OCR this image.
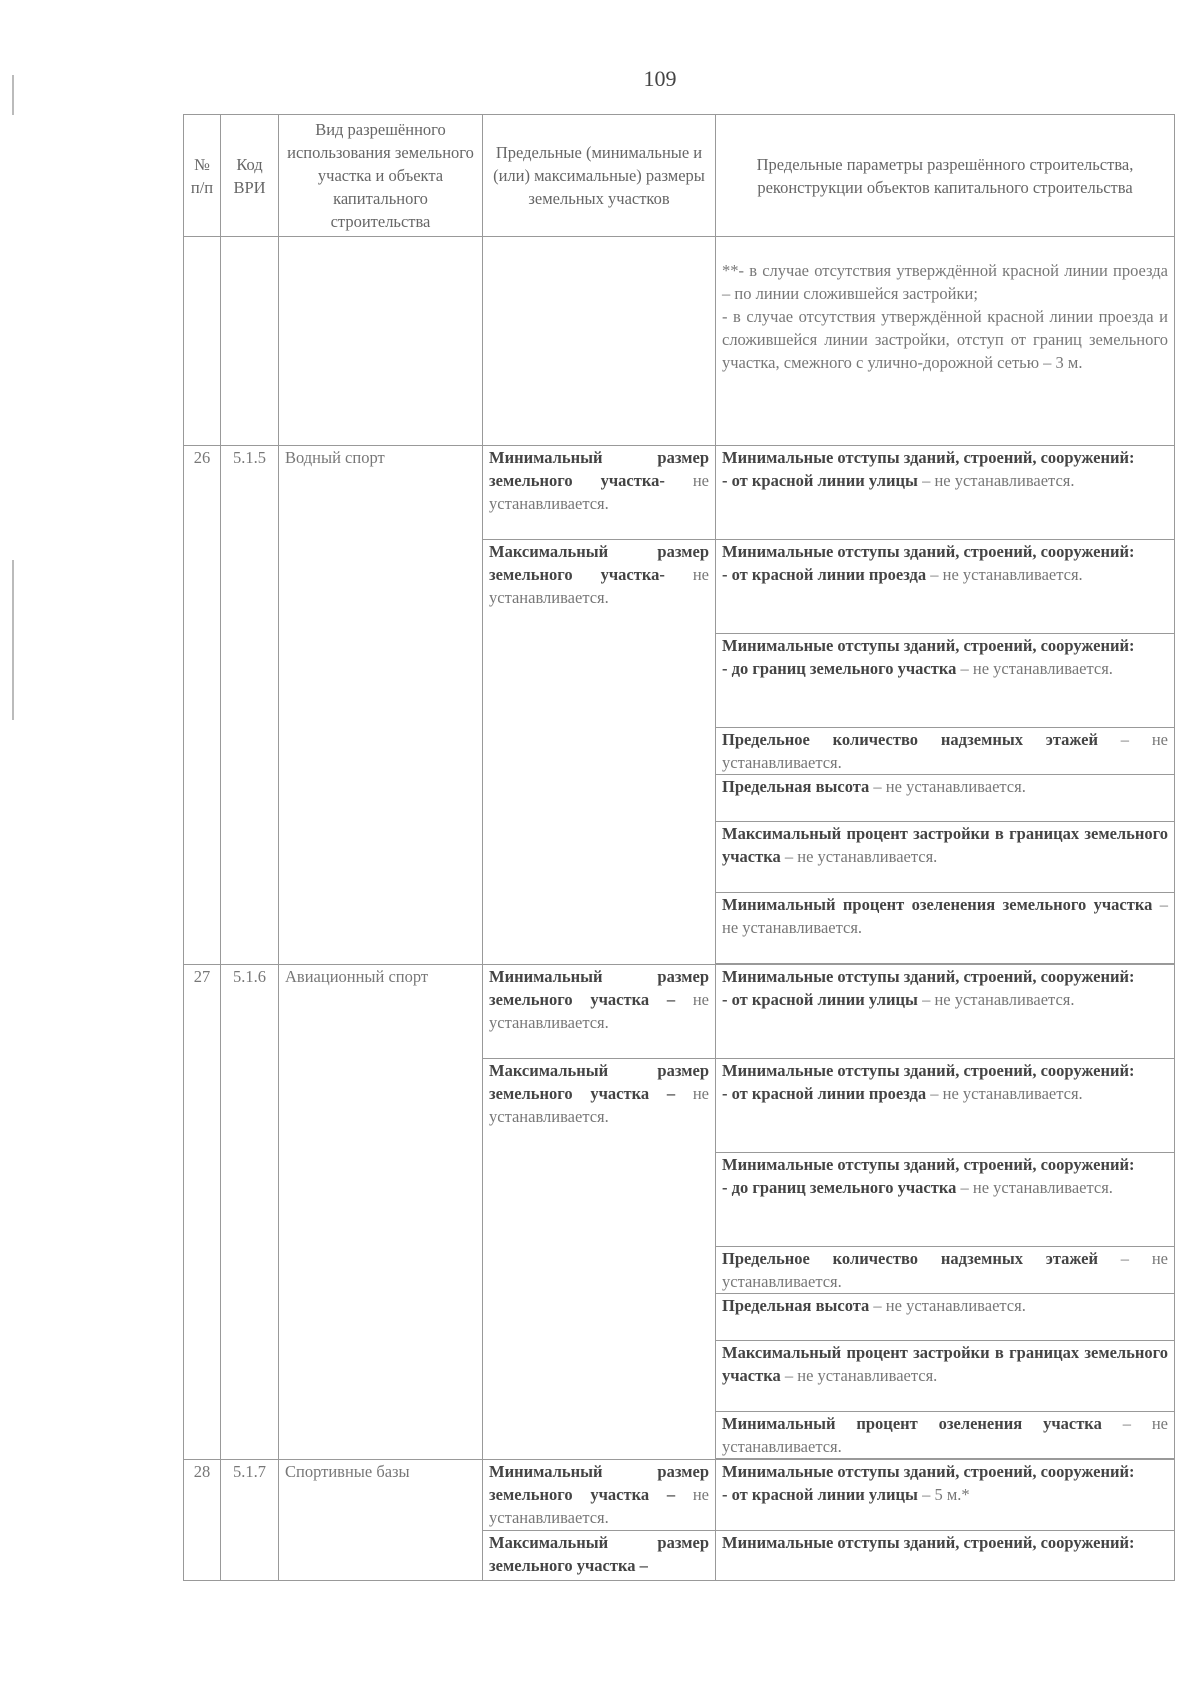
109
№ п/п	Код ВРИ	Вид разрешённого использования земельного участка и объекта капитального строительства	Предельные (минимальные и (или) максимальные) размеры земельных участков	Предельные параметры разрешённого строительства, реконструкции объектов капитального строительства
				**- в случае отсутствия утверждённой красной линии проезда – по линии сложившейся застройки;
- в случае отсутствия утверждённой красной линии проезда и сложившейся линии застройки, отступ от границ земельного участка, смежного с улично-дорожной сетью – 3 м.
26	5.1.5	Водный спорт	Минимальный размер земельного участка- не устанавливается.	Минимальные отступы зданий, строений, сооружений:
- от красной линии улицы – не устанавливается.
			Максимальный размер земельного участка- не устанавливается.	Минимальные отступы зданий, строений, сооружений:
- от красной линии проезда – не устанавливается.
				Минимальные отступы зданий, строений, сооружений:
- до границ земельного участка – не устанавливается.
				Предельное количество надземных этажей – не устанавливается.
				Предельная высота – не устанавливается.
				Максимальный процент застройки в границах земельного участка – не устанавливается.
				Минимальный процент озеленения земельного участка – не устанавливается.

27	5.1.6	Авиационный спорт	Минимальный размер земельного участка – не устанавливается.	Минимальные отступы зданий, строений, сооружений:
- от красной линии улицы – не устанавливается.
			Максимальный размер земельного участка – не устанавливается.	Минимальные отступы зданий, строений, сооружений:
- от красной линии проезда – не устанавливается.
				Минимальные отступы зданий, строений, сооружений:
- до границ земельного участка – не устанавливается.
				Предельное количество надземных этажей – не устанавливается.
				Предельная высота – не устанавливается.
				Максимальный процент застройки в границах земельного участка – не устанавливается.
				Минимальный процент озеленения участка – не устанавливается.

28	5.1.7	Спортивные базы	Минимальный размер земельного участка – не устанавливается.	Минимальные отступы зданий, строений, сооружений:
- от красной линии улицы – 5 м.*
			Максимальный размер земельного участка –	Минимальные отступы зданий, строений, сооружений:
